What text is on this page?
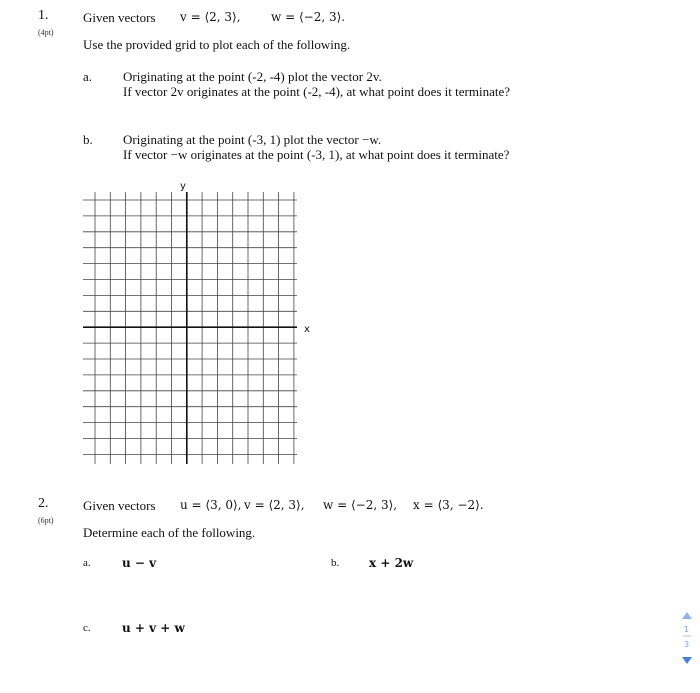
1.
(4pt)
Given vectors v = ⟨2, 3⟩,	w = ⟨−2, 3⟩.
Use the provided grid to plot each of the following.
a. Originating at the point (-2, -4) plot the vector 2v.
If vector 2v originates at the point (-2, -4), at what point does it terminate?
b. Originating at the point (-3, 1) plot the vector −w.
If vector −w originates at the point (-3, 1), at what point does it terminate?
y
x
2.
(6pt)
Given vectors u = ⟨3, 0⟩, v = ⟨2, 3⟩, w = ⟨−2, 3⟩, x = ⟨3, −2⟩.
Determine each of the following.
a.	u − v	b. x + 2w
c.	u + v + w	1
3
